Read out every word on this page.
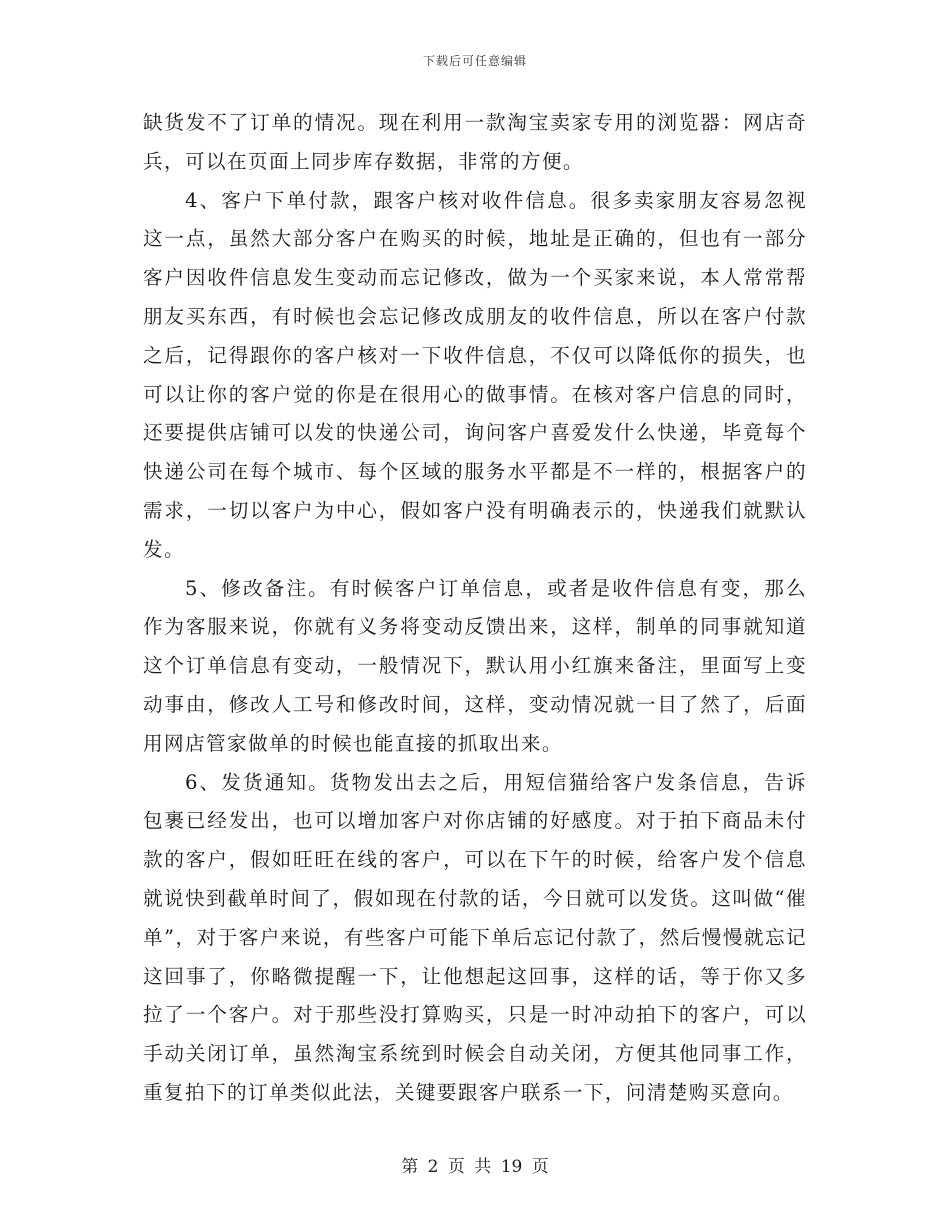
下载后可任意编辑

缺货发不了订单的情况。现在利用一款淘宝卖家专用的浏览器：网店奇兵，可以在页面上同步库存数据，非常的方便。

4、客户下单付款，跟客户核对收件信息。很多卖家朋友容易忽视这一点，虽然大部分客户在购买的时候，地址是正确的，但也有一部分客户因收件信息发生变动而忘记修改，做为一个买家来说，本人常常帮朋友买东西，有时候也会忘记修改成朋友的收件信息，所以在客户付款之后，记得跟你的客户核对一下收件信息，不仅可以降低你的损失，也可以让你的客户觉的你是在很用心的做事情。在核对客户信息的同时，还要提供店铺可以发的快递公司，询问客户喜爱发什么快递，毕竟每个快递公司在每个城市、每个区域的服务水平都是不一样的，根据客户的需求，一切以客户为中心，假如客户没有明确表示的，快递我们就默认发。

5、修改备注。有时候客户订单信息，或者是收件信息有变，那么作为客服来说，你就有义务将变动反馈出来，这样，制单的同事就知道这个订单信息有变动，一般情况下，默认用小红旗来备注，里面写上变动事由，修改人工号和修改时间，这样，变动情况就一目了然了，后面用网店管家做单的时候也能直接的抓取出来。

6、发货通知。货物发出去之后，用短信猫给客户发条信息，告诉包裹已经发出，也可以增加客户对你店铺的好感度。对于拍下商品未付款的客户，假如旺旺在线的客户，可以在下午的时候，给客户发个信息就说快到截单时间了，假如现在付款的话，今日就可以发货。这叫做“催单”，对于客户来说，有些客户可能下单后忘记付款了，然后慢慢就忘记这回事了，你略微提醒一下，让他想起这回事，这样的话，等于你又多拉了一个客户。对于那些没打算购买，只是一时冲动拍下的客户，可以手动关闭订单，虽然淘宝系统到时候会自动关闭，方便其他同事工作，重复拍下的订单类似此法，关键要跟客户联系一下，问清楚购买意向。

第 2 页 共 19 页
